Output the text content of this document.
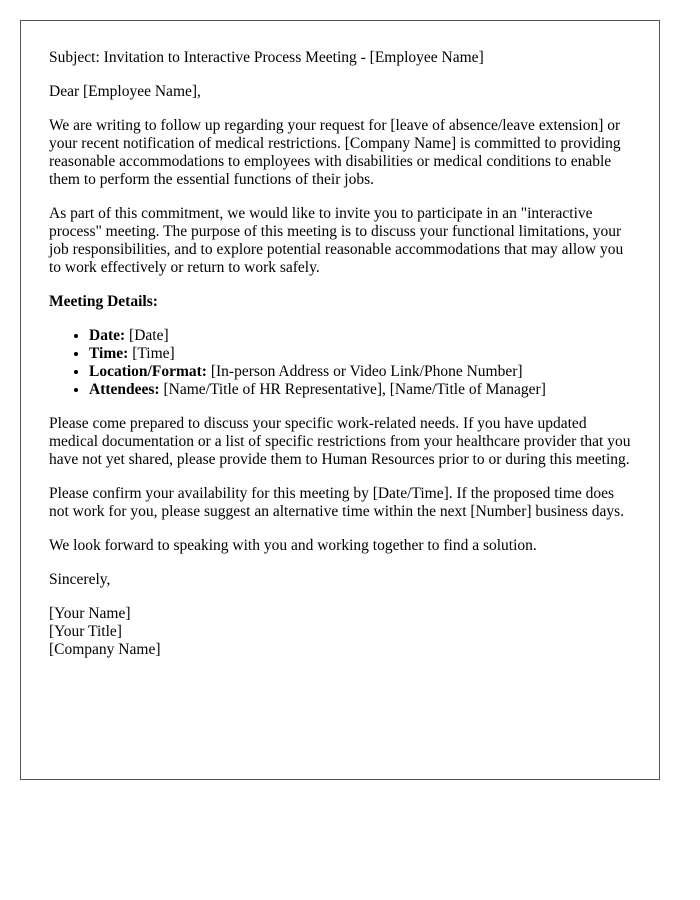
Subject: Invitation to Interactive Process Meeting - [Employee Name]

Dear [Employee Name],

We are writing to follow up regarding your request for [leave of absence/leave extension] or your recent notification of medical restrictions. [Company Name] is committed to providing reasonable accommodations to employees with disabilities or medical conditions to enable them to perform the essential functions of their jobs.

As part of this commitment, we would like to invite you to participate in an "interactive process" meeting. The purpose of this meeting is to discuss your functional limitations, your job responsibilities, and to explore potential reasonable accommodations that may allow you to work effectively or return to work safely.

Meeting Details:

• Date: [Date]
• Time: [Time]
• Location/Format: [In-person Address or Video Link/Phone Number]
• Attendees: [Name/Title of HR Representative], [Name/Title of Manager]

Please come prepared to discuss your specific work-related needs. If you have updated medical documentation or a list of specific restrictions from your healthcare provider that you have not yet shared, please provide them to Human Resources prior to or during this meeting.

Please confirm your availability for this meeting by [Date/Time]. If the proposed time does not work for you, please suggest an alternative time within the next [Number] business days.

We look forward to speaking with you and working together to find a solution.

Sincerely,

[Your Name]

[Your Title]

[Company Name]
